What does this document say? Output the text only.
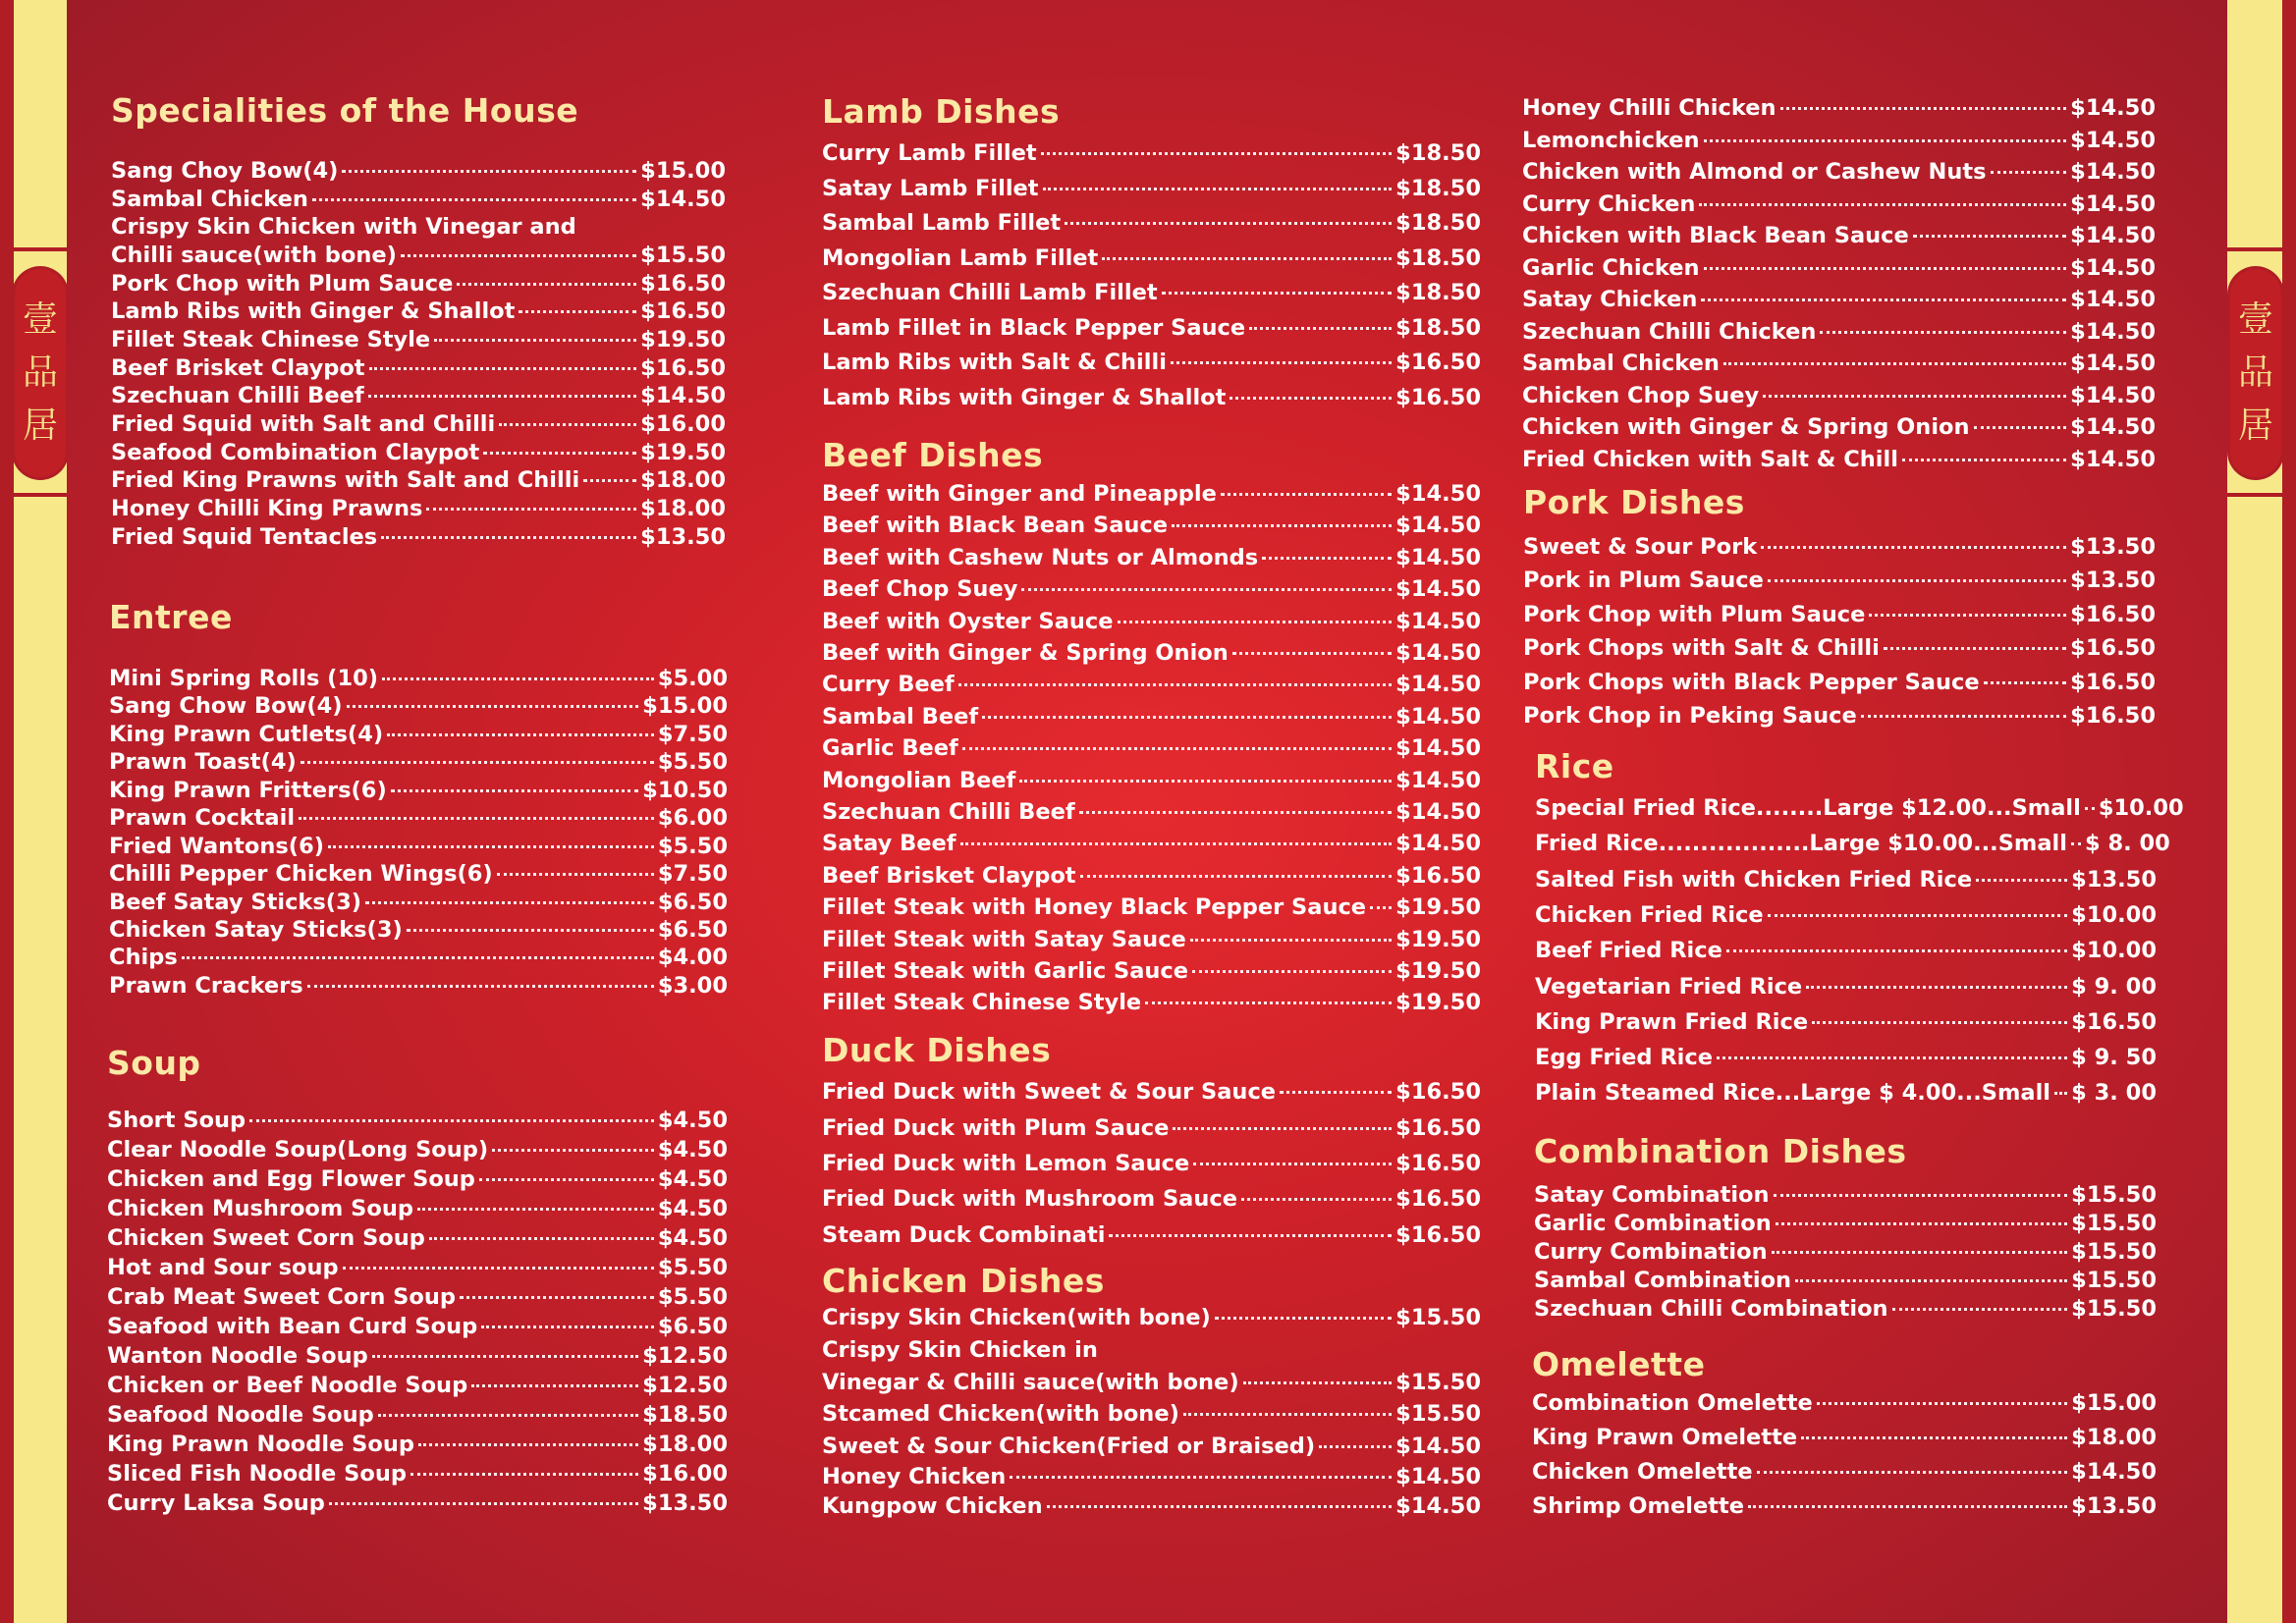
壹
品
居
壹
品
居
Specialities of the House
Sang Choy Bow(4)	$15.00
Sambal Chicken	$14.50
Crispy Skin Chicken with Vinegar and
Chilli sauce(with bone)	$15.50
Pork Chop with Plum Sauce	$16.50
Lamb Ribs with Ginger & Shallot	$16.50
Fillet Steak Chinese Style	$19.50
Beef Brisket Claypot	$16.50
Szechuan Chilli Beef	$14.50
Fried Squid with Salt and Chilli	$16.00
Seafood Combination Claypot	$19.50
Fried King Prawns with Salt and Chilli	$18.00
Honey Chilli King Prawns	$18.00
Fried Squid Tentacles	$13.50
Entree
Mini Spring Rolls (10)	$5.00
Sang Chow Bow(4)	$15.00
King Prawn Cutlets(4)	$7.50
Prawn Toast(4)	$5.50
King Prawn Fritters(6)	$10.50
Prawn Cocktail	$6.00
Fried Wantons(6)	$5.50
Chilli Pepper Chicken Wings(6)	$7.50
Beef Satay Sticks(3)	$6.50
Chicken Satay Sticks(3)	$6.50
Chips	$4.00
Prawn Crackers	$3.00
Soup
Short Soup	$4.50
Clear Noodle Soup(Long Soup)	$4.50
Chicken and Egg Flower Soup	$4.50
Chicken Mushroom Soup	$4.50
Chicken Sweet Corn Soup	$4.50
Hot and Sour soup	$5.50
Crab Meat Sweet Corn Soup	$5.50
Seafood with Bean Curd Soup	$6.50
Wanton Noodle Soup	$12.50
Chicken or Beef Noodle Soup	$12.50
Seafood Noodle Soup	$18.50
King Prawn Noodle Soup	$18.00
Sliced Fish Noodle Soup	$16.00
Curry Laksa Soup	$13.50
Lamb Dishes
Curry Lamb Fillet	$18.50
Satay Lamb Fillet	$18.50
Sambal Lamb Fillet	$18.50
Mongolian Lamb Fillet	$18.50
Szechuan Chilli Lamb Fillet	$18.50
Lamb Fillet in Black Pepper Sauce	$18.50
Lamb Ribs with Salt & Chilli	$16.50
Lamb Ribs with Ginger & Shallot	$16.50
Beef Dishes
Beef with Ginger and Pineapple	$14.50
Beef with Black Bean Sauce	$14.50
Beef with Cashew Nuts or Almonds	$14.50
Beef Chop Suey	$14.50
Beef with Oyster Sauce	$14.50
Beef with Ginger & Spring Onion	$14.50
Curry Beef	$14.50
Sambal Beef	$14.50
Garlic Beef	$14.50
Mongolian Beef	$14.50
Szechuan Chilli Beef	$14.50
Satay Beef	$14.50
Beef Brisket Claypot	$16.50
Fillet Steak with Honey Black Pepper Sauce $19.50
Fillet Steak with Satay Sauce	$19.50
Fillet Steak with Garlic Sauce	$19.50
Fillet Steak Chinese Style	$19.50
Duck Dishes
Fried Duck with Sweet & Sour Sauce	$16.50
Fried Duck with Plum Sauce	$16.50
Fried Duck with Lemon Sauce	$16.50
Fried Duck with Mushroom Sauce	$16.50
Steam Duck Combinati	$16.50
Chicken Dishes
Crispy Skin Chicken(with bone)	$15.50
Crispy Skin Chicken in
Vinegar & Chilli sauce(with bone)	$15.50
Stcamed Chicken(with bone)	$15.50
Sweet & Sour Chicken(Fried or Braised)	$14.50
Honey Chicken	$14.50
Kungpow Chicken	$14.50
Honey Chilli Chicken	$14.50
Lemonchicken	$14.50
Chicken with Almond or Cashew Nuts	$14.50
Curry Chicken	$14.50
Chicken with Black Bean Sauce	$14.50
Garlic Chicken	$14.50
Satay Chicken	$14.50
Szechuan Chilli Chicken	$14.50
Sambal Chicken	$14.50
Chicken Chop Suey	$14.50
Chicken with Ginger & Spring Onion	$14.50
Fried Chicken with Salt & Chill	$14.50
Pork Dishes
Sweet & Sour Pork	$13.50
Pork in Plum Sauce	$13.50
Pork Chop with Plum Sauce	$16.50
Pork Chops with Salt & Chilli	$16.50
Pork Chops with Black Pepper Sauce	$16.50
Pork Chop in Peking Sauce	$16.50
Rice
Special Fried Rice........Large $12.00...Small $10.00
Fried Rice..................Large $10.00...Small $ 8. 00
Salted Fish with Chicken Fried Rice	$13.50
Chicken Fried Rice	$10.00
Beef Fried Rice	$10.00
Vegetarian Fried Rice	$ 9. 00
King Prawn Fried Rice	$16.50
Egg Fried Rice	$ 9. 50
Plain Steamed Rice...Large $ 4.00...Small $ 3. 00
Combination Dishes
Satay Combination	$15.50
Garlic Combination	$15.50
Curry Combination	$15.50
Sambal Combination	$15.50
Szechuan Chilli Combination	$15.50
Omelette
Combination Omelette	$15.00
King Prawn Omelette	$18.00
Chicken Omelette	$14.50
Shrimp Omelette	$13.50
